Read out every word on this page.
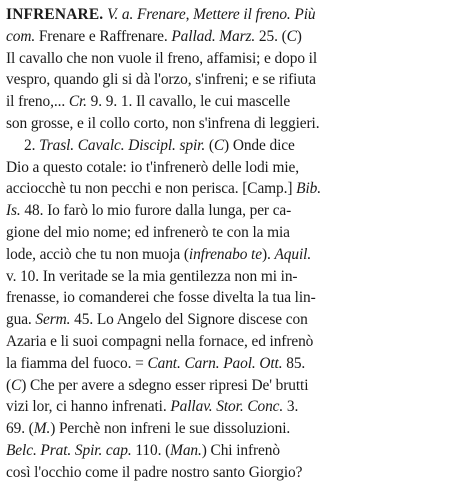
INFRENARE. V. a. Frenare, Mettere il freno. Più
com. Frenare e Raffrenare. Pallad. Marz. 25. (C)
Il cavallo che non vuole il freno, affamisi; e dopo il
vespro, quando gli si dà l'orzo, s'infreni; e se rifiuta
il freno,... Cr. 9. 9. 1. Il cavallo, le cui mascelle
son grosse, e il collo corto, non s'infrena di leggieri.
2. Trasl. Cavalc. Discipl. spir. (C) Onde dice
Dio a questo cotale: io t'infrenerò delle lodi mie,
acciocchè tu non pecchi e non perisca. [Camp.] Bib.
Is. 48. Io farò lo mio furore dalla lunga, per ca-
gione del mio nome; ed infrenerò te con la mia
lode, acciò che tu non muoja (infrenabo te). Aquil.
v. 10. In veritade se la mia gentilezza non mi in-
frenasse, io comanderei che fosse divelta la tua lin-
gua. Serm. 45. Lo Angelo del Signore discese con
Azaria e li suoi compagni nella fornace, ed infrenò
la fiamma del fuoco. = Cant. Carn. Paol. Ott. 85.
(C) Che per avere a sdegno esser ripresi De' brutti
vizi lor, ci hanno infrenati. Pallav. Stor. Conc. 3.
69. (M.) Perchè non infreni le sue dissoluzioni.
Belc. Prat. Spir. cap. 110. (Man.) Chi infrenò
così l'occhio come il padre nostro santo Giorgio?
